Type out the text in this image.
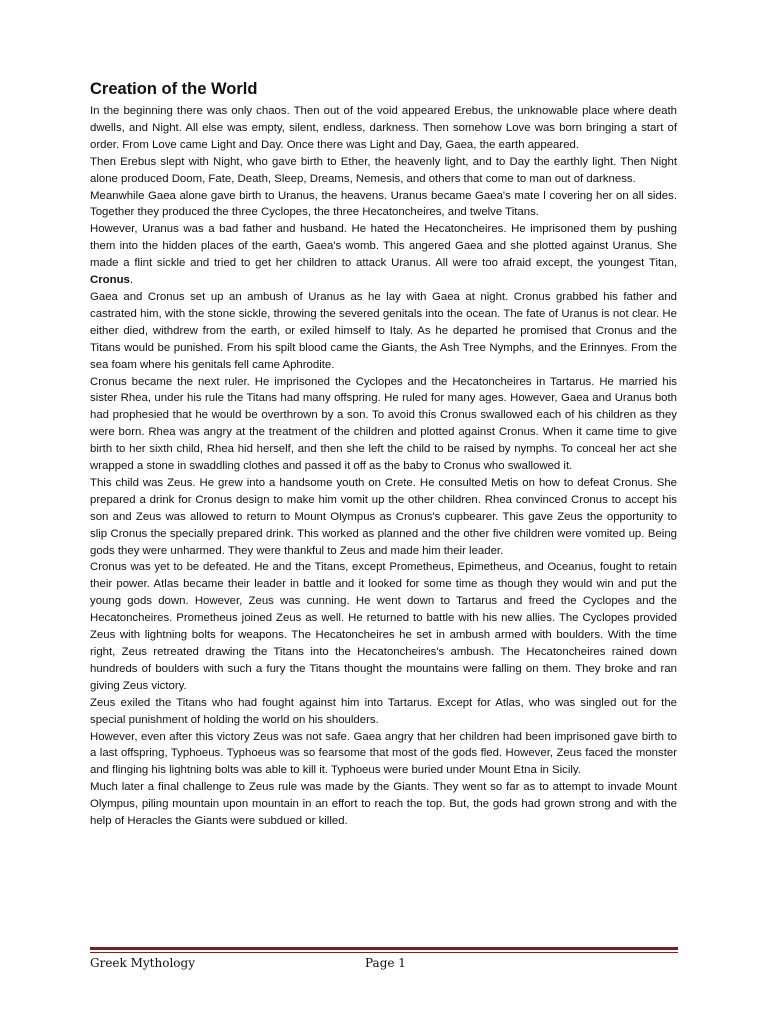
Creation of the World

In the beginning there was only chaos. Then out of the void appeared Erebus, the unknowable place where death dwells, and Night. All else was empty, silent, endless, darkness. Then somehow Love was born bringing a start of order. From Love came Light and Day. Once there was Light and Day, Gaea, the earth appeared.

Then Erebus slept with Night, who gave birth to Ether, the heavenly light, and to Day the earthly light. Then Night alone produced Doom, Fate, Death, Sleep, Dreams, Nemesis, and others that come to man out of darkness.

Meanwhile Gaea alone gave birth to Uranus, the heavens. Uranus became Gaea's mate l covering her on all sides. Together they produced the three Cyclopes, the three Hecatoncheires, and twelve Titans.

However, Uranus was a bad father and husband. He hated the Hecatoncheires. He imprisoned them by pushing them into the hidden places of the earth, Gaea's womb. This angered Gaea and she plotted against Uranus. She made a flint sickle and tried to get her children to attack Uranus. All were too afraid except, the youngest Titan, Cronus.

Gaea and Cronus set up an ambush of Uranus as he lay with Gaea at night. Cronus grabbed his father and castrated him, with the stone sickle, throwing the severed genitals into the ocean. The fate of Uranus is not clear. He either died, withdrew from the earth, or exiled himself to Italy. As he departed he promised that Cronus and the Titans would be punished. From his spilt blood came the Giants, the Ash Tree Nymphs, and the Erinnyes. From the sea foam where his genitals fell came Aphrodite.

Cronus became the next ruler. He imprisoned the Cyclopes and the Hecatoncheires in Tartarus. He married his sister Rhea, under his rule the Titans had many offspring. He ruled for many ages. However, Gaea and Uranus both had prophesied that he would be overthrown by a son. To avoid this Cronus swallowed each of his children as they were born. Rhea was angry at the treatment of the children and plotted against Cronus. When it came time to give birth to her sixth child, Rhea hid herself, and then she left the child to be raised by nymphs. To conceal her act she wrapped a stone in swaddling clothes and passed it off as the baby to Cronus who swallowed it.

This child was Zeus. He grew into a handsome youth on Crete. He consulted Metis on how to defeat Cronus. She prepared a drink for Cronus design to make him vomit up the other children. Rhea convinced Cronus to accept his son and Zeus was allowed to return to Mount Olympus as Cronus's cupbearer. This gave Zeus the opportunity to slip Cronus the specially prepared drink. This worked as planned and the other five children were vomited up. Being gods they were unharmed. They were thankful to Zeus and made him their leader.

Cronus was yet to be defeated. He and the Titans, except Prometheus, Epimetheus, and Oceanus, fought to retain their power. Atlas became their leader in battle and it looked for some time as though they would win and put the young gods down. However, Zeus was cunning. He went down to Tartarus and freed the Cyclopes and the Hecatoncheires. Prometheus joined Zeus as well. He returned to battle with his new allies. The Cyclopes provided Zeus with lightning bolts for weapons. The Hecatoncheires he set in ambush armed with boulders. With the time right, Zeus retreated drawing the Titans into the Hecatoncheires's ambush. The Hecatoncheires rained down hundreds of boulders with such a fury the Titans thought the mountains were falling on them. They broke and ran giving Zeus victory.

Zeus exiled the Titans who had fought against him into Tartarus. Except for Atlas, who was singled out for the special punishment of holding the world on his shoulders.

However, even after this victory Zeus was not safe. Gaea angry that her children had been imprisoned gave birth to a last offspring, Typhoeus. Typhoeus was so fearsome that most of the gods fled. However, Zeus faced the monster and flinging his lightning bolts was able to kill it. Typhoeus were buried under Mount Etna in Sicily.

Much later a final challenge to Zeus rule was made by the Giants. They went so far as to attempt to invade Mount Olympus, piling mountain upon mountain in an effort to reach the top. But, the gods had grown strong and with the help of Heracles the Giants were subdued or killed.

Greek Mythology	Page 1
